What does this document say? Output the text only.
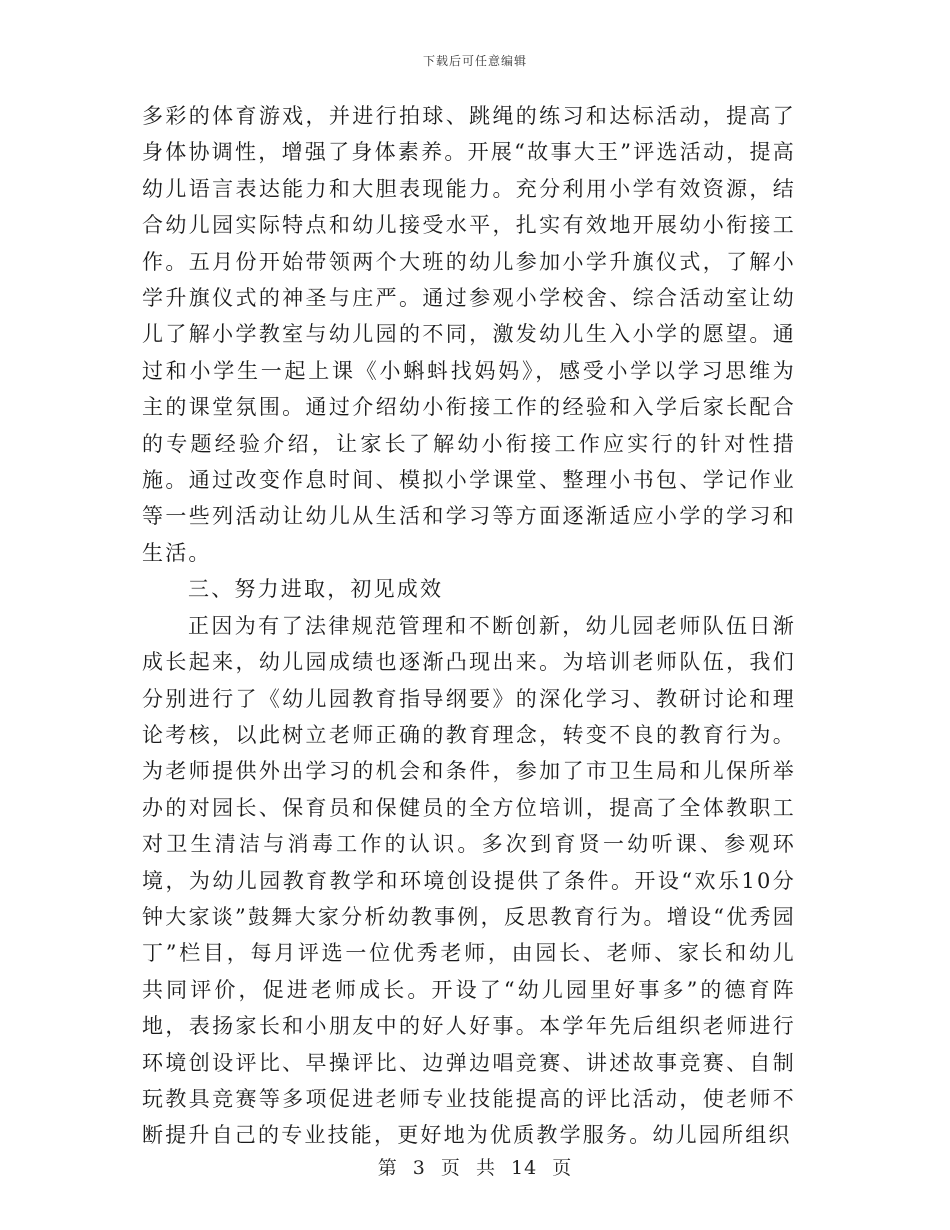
下载后可任意编辑

多彩的体育游戏，并进行拍球、跳绳的练习和达标活动，提高了身体协调性，增强了身体素养。开展“故事大王”评选活动，提高幼儿语言表达能力和大胆表现能力。充分利用小学有效资源，结合幼儿园实际特点和幼儿接受水平，扎实有效地开展幼小衔接工作。五月份开始带领两个大班的幼儿参加小学升旗仪式，了解小学升旗仪式的神圣与庄严。通过参观小学校舍、综合活动室让幼儿了解小学教室与幼儿园的不同，激发幼儿生入小学的愿望。通过和小学生一起上课《小蝌蚪找妈妈》，感受小学以学习思维为主的课堂氛围。通过介绍幼小衔接工作的经验和入学后家长配合的专题经验介绍，让家长了解幼小衔接工作应实行的针对性措施。通过改变作息时间、模拟小学课堂、整理小书包、学记作业等一些列活动让幼儿从生活和学习等方面逐渐适应小学的学习和生活。

三、努力进取，初见成效

正因为有了法律规范管理和不断创新，幼儿园老师队伍日渐成长起来，幼儿园成绩也逐渐凸现出来。为培训老师队伍，我们分别进行了《幼儿园教育指导纲要》的深化学习、教研讨论和理论考核，以此树立老师正确的教育理念，转变不良的教育行为。为老师提供外出学习的机会和条件，参加了市卫生局和儿保所举办的对园长、保育员和保健员的全方位培训，提高了全体教职工对卫生清洁与消毒工作的认识。多次到育贤一幼听课、参观环境，为幼儿园教育教学和环境创设提供了条件。开设“欢乐10分钟大家谈”鼓舞大家分析幼教事例，反思教育行为。增设“优秀园丁”栏目，每月评选一位优秀老师，由园长、老师、家长和幼儿共同评价，促进老师成长。开设了“幼儿园里好事多”的德育阵地，表扬家长和小朋友中的好人好事。本学年先后组织老师进行环境创设评比、早操评比、边弹边唱竞赛、讲述故事竞赛、自制玩教具竞赛等多项促进老师专业技能提高的评比活动，使老师不断提升自己的专业技能，更好地为优质教学服务。幼儿园所组织

第 3 页 共 14 页
